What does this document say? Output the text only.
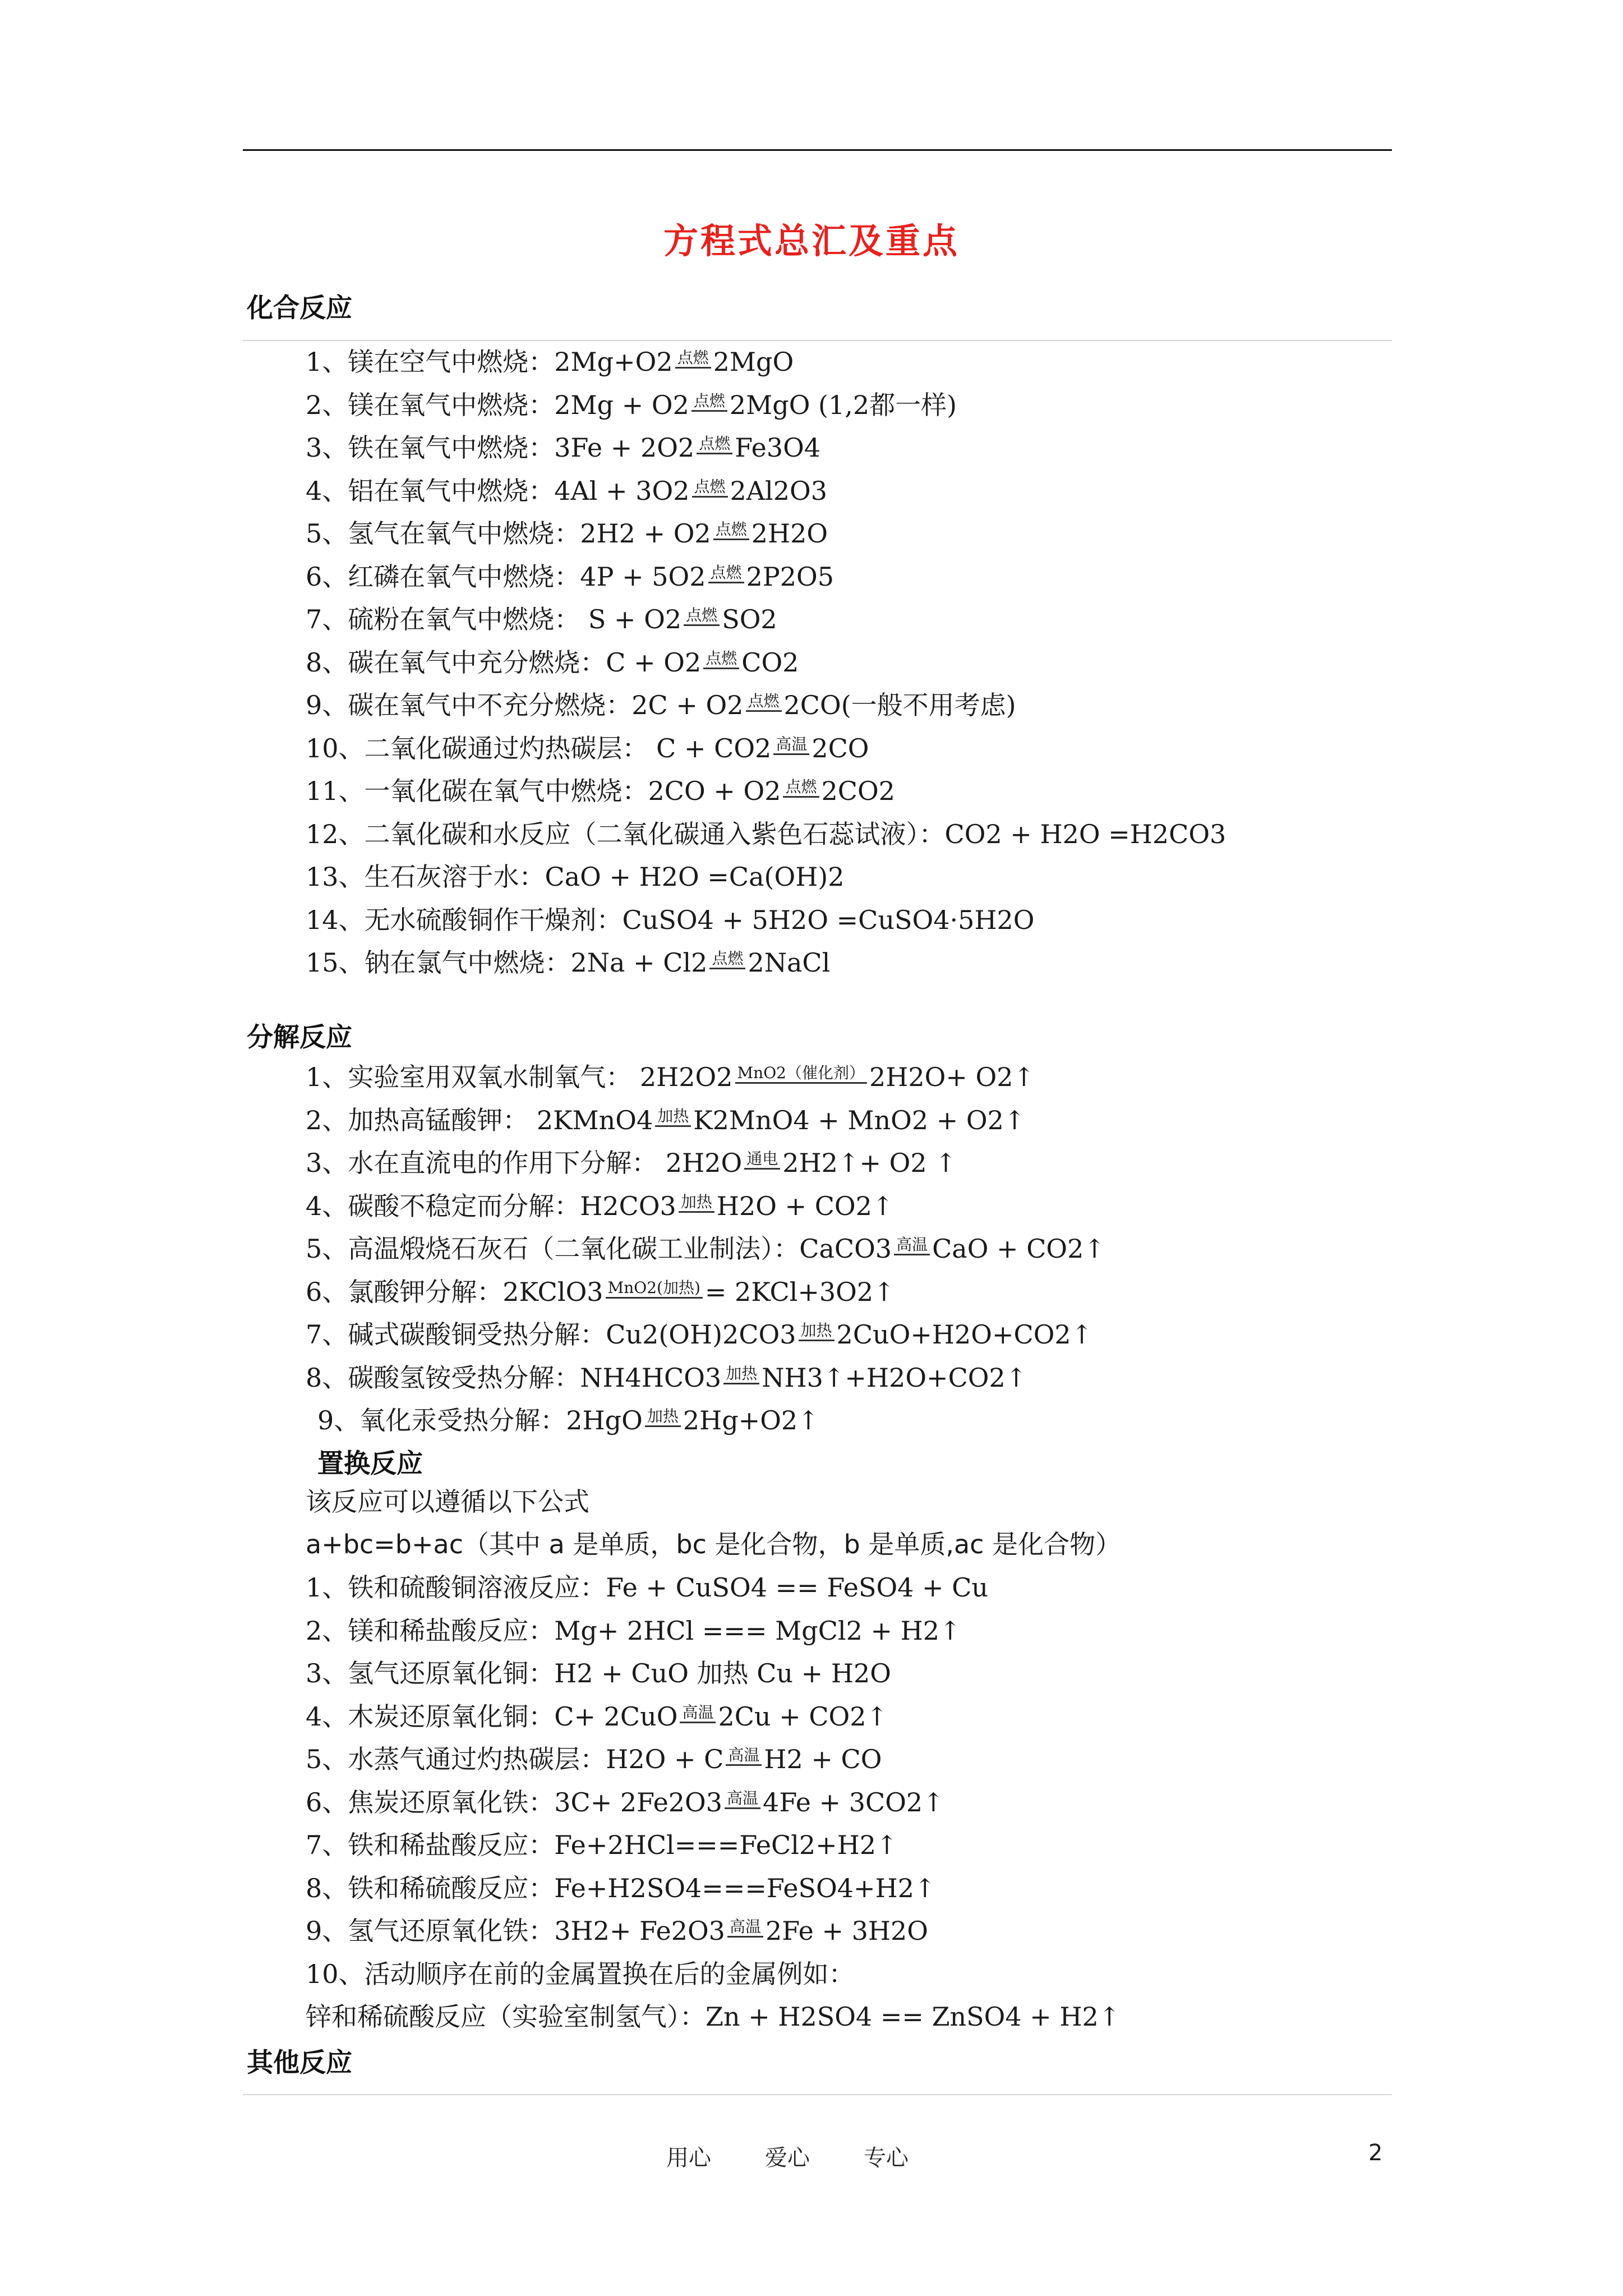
方程式总汇及重点
化合反应
1、镁在空气中燃烧：2Mg+O2 点燃 2MgO
2、镁在氧气中燃烧：2Mg + O2 点燃 2MgO (1,2都一样)
3、铁在氧气中燃烧：3Fe + 2O2 点燃 Fe3O4
4、铝在氧气中燃烧：4Al + 3O2 点燃 2Al2O3
5、氢气在氧气中燃烧：2H2 + O2 点燃 2H2O
6、红磷在氧气中燃烧：4P + 5O2 点燃 2P2O5
7、硫粉在氧气中燃烧： S + O2 点燃 SO2
8、碳在氧气中充分燃烧：C + O2 点燃 CO2
9、碳在氧气中不充分燃烧：2C + O2 点燃 2CO(一般不用考虑)
10、二氧化碳通过灼热碳层： C + CO2 高温 2CO
11、一氧化碳在氧气中燃烧：2CO + O2 点燃 2CO2
12、二氧化碳和水反应（二氧化碳通入紫色石蕊试液）：CO2 + H2O =H2CO3
13、生石灰溶于水：CaO + H2O =Ca(OH)2
14、无水硫酸铜作干燥剂：CuSO4 + 5H2O =CuSO4·5H2O
15、钠在氯气中燃烧：2Na + Cl2 点燃 2NaCl
分解反应
1、实验室用双氧水制氧气： 2H2O2 MnO2（催化剂） 2H2O+ O2↑
2、加热高锰酸钾： 2KMnO4 加热 K2MnO4 + MnO2 + O2↑
3、水在直流电的作用下分解： 2H2O 通电 2H2↑+ O2 ↑
4、碳酸不稳定而分解：H2CO3 加热 H2O + CO2↑
5、高温煅烧石灰石（二氧化碳工业制法）：CaCO3 高温 CaO + CO2↑
6、氯酸钾分解：2KClO3 MnO2(加热) = 2KCl+3O2↑
7、碱式碳酸铜受热分解：Cu2(OH)2CO3 加热 2CuO+H2O+CO2↑
8、碳酸氢铵受热分解：NH4HCO3 加热 NH3↑+H2O+CO2↑
9、氧化汞受热分解：2HgO 加热 2Hg+O2↑
置换反应
该反应可以遵循以下公式
a+bc=b+ac（其中 a 是单质，bc 是化合物，b 是单质,ac 是化合物）
1、铁和硫酸铜溶液反应：Fe + CuSO4 == FeSO4 + Cu
2、镁和稀盐酸反应：Mg+ 2HCl === MgCl2 + H2↑
3、氢气还原氧化铜：H2 + CuO 加热 Cu + H2O
4、木炭还原氧化铜：C+ 2CuO 高温 2Cu + CO2↑
5、水蒸气通过灼热碳层：H2O + C 高温 H2 + CO
6、焦炭还原氧化铁：3C+ 2Fe2O3 高温 4Fe + 3CO2↑
7、铁和稀盐酸反应：Fe+2HCl===FeCl2+H2↑
8、铁和稀硫酸反应：Fe+H2SO4===FeSO4+H2↑
9、氢气还原氧化铁：3H2+ Fe2O3 高温 2Fe + 3H2O
10、活动顺序在前的金属置换在后的金属例如：
锌和稀硫酸反应（实验室制氢气）：Zn + H2SO4 == ZnSO4 + H2↑
其他反应
用心 爱心 专心	2
